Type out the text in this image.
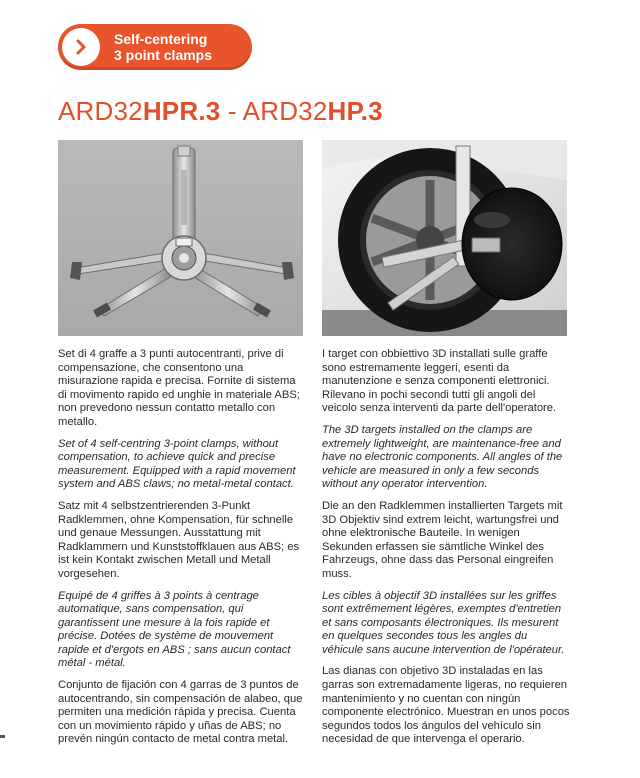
Self-centering
3 point clamps
ARD32HPR.3 - ARD32HP.3

Set di 4 graffe a 3 punti autocentranti, prive di compensazione, che consentono una misurazione rapida e precisa. Fornite di sistema di movimento rapido ed unghie in materiale ABS; non prevedono nessun contatto metallo con metallo.

Set of 4 self-centring 3-point clamps, without compensation, to achieve quick and precise measurement. Equipped with a rapid movement system and ABS claws; no metal-metal contact.

Satz mit 4 selbstzentrierenden 3-Punkt Radklemmen, ohne Kompensation, für schnelle und genaue Messungen. Ausstattung mit Radklammern und Kunststoffklauen aus ABS; es ist kein Kontakt zwischen Metall und Metall vorgesehen.

Equipé de 4 griffes à 3 points à centrage automatique, sans compensation, qui garantissent une mesure à la fois rapide et précise. Dotées de système de mouvement rapide et d'ergots en ABS ; sans aucun contact métal - métal.

Conjunto de fijación con 4 garras de 3 puntos de autocentrando, sin compensación de alabeo, que permiten una medición rápida y precisa. Cuenta con un movimiento rápido y uñas de ABS; no prevén ningún contacto de metal contra metal.

I target con obbiettivo 3D installati sulle graffe sono estremamente leggeri, esenti da manutenzione e senza componenti elettronici. Rilevano in pochi secondi tutti gli angoli del veicolo senza interventi da parte dell'operatore.

The 3D targets installed on the clamps are extremely lightweight, are maintenance-free and have no electronic components. All angles of the vehicle are measured in only a few seconds without any operator intervention.

Die an den Radklemmen installierten Targets mit 3D Objektiv sind extrem leicht, wartungsfrei und ohne elektronische Bauteile. In wenigen Sekunden erfassen sie sämtliche Winkel des Fahrzeugs, ohne dass das Personal eingreifen muss.

Les cibles à objectif 3D installées sur les griffes sont extrêmement légères, exemptes d'entretien et sans composants électroniques. Ils mesurent en quelques secondes tous les angles du véhicule sans aucune intervention de l'opérateur.

Las dianas con objetivo 3D instaladas en las garras son extremadamente ligeras, no requieren mantenimiento y no cuentan con ningún componente electrónico. Muestran en unos pocos segundos todos los ángulos del vehículo sin necesidad de que intervenga el operario.
